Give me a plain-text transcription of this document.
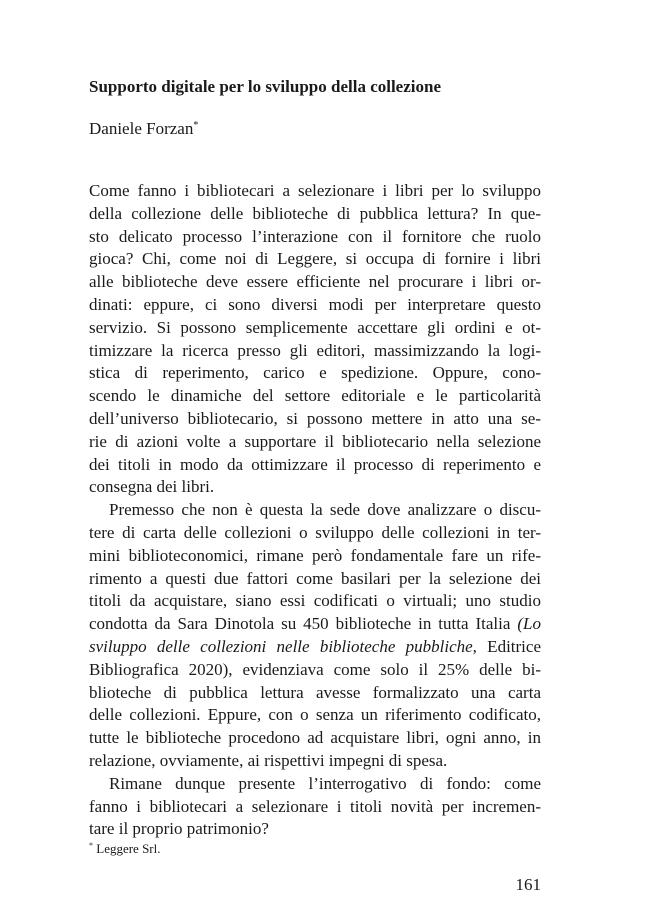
Supporto digitale per lo sviluppo della collezione
Daniele Forzan*
Come fanno i bibliotecari a selezionare i libri per lo sviluppo
della collezione delle biblioteche di pubblica lettura? In que-
sto delicato processo l’interazione con il fornitore che ruolo
gioca? Chi, come noi di Leggere, si occupa di fornire i libri
alle biblioteche deve essere efficiente nel procurare i libri or-
dinati: eppure, ci sono diversi modi per interpretare questo
servizio. Si possono semplicemente accettare gli ordini e ot-
timizzare la ricerca presso gli editori, massimizzando la logi-
stica di reperimento, carico e spedizione. Oppure, cono-
scendo le dinamiche del settore editoriale e le particolarità
dell’universo bibliotecario, si possono mettere in atto una se-
rie di azioni volte a supportare il bibliotecario nella selezione
dei titoli in modo da ottimizzare il processo di reperimento e
consegna dei libri.
Premesso che non è questa la sede dove analizzare o discu-
tere di carta delle collezioni o sviluppo delle collezioni in ter-
mini biblioteconomici, rimane però fondamentale fare un rife-
rimento a questi due fattori come basilari per la selezione dei
titoli da acquistare, siano essi codificati o virtuali; uno studio
condotta da Sara Dinotola su 450 biblioteche in tutta Italia (Lo
sviluppo delle collezioni nelle biblioteche pubbliche, Editrice
Bibliografica 2020), evidenziava come solo il 25% delle bi-
blioteche di pubblica lettura avesse formalizzato una carta
delle collezioni. Eppure, con o senza un riferimento codificato,
tutte le biblioteche procedono ad acquistare libri, ogni anno, in
relazione, ovviamente, ai rispettivi impegni di spesa.
Rimane dunque presente l’interrogativo di fondo: come
fanno i bibliotecari a selezionare i titoli novità per incremen-
tare il proprio patrimonio?
* Leggere Srl.
161
